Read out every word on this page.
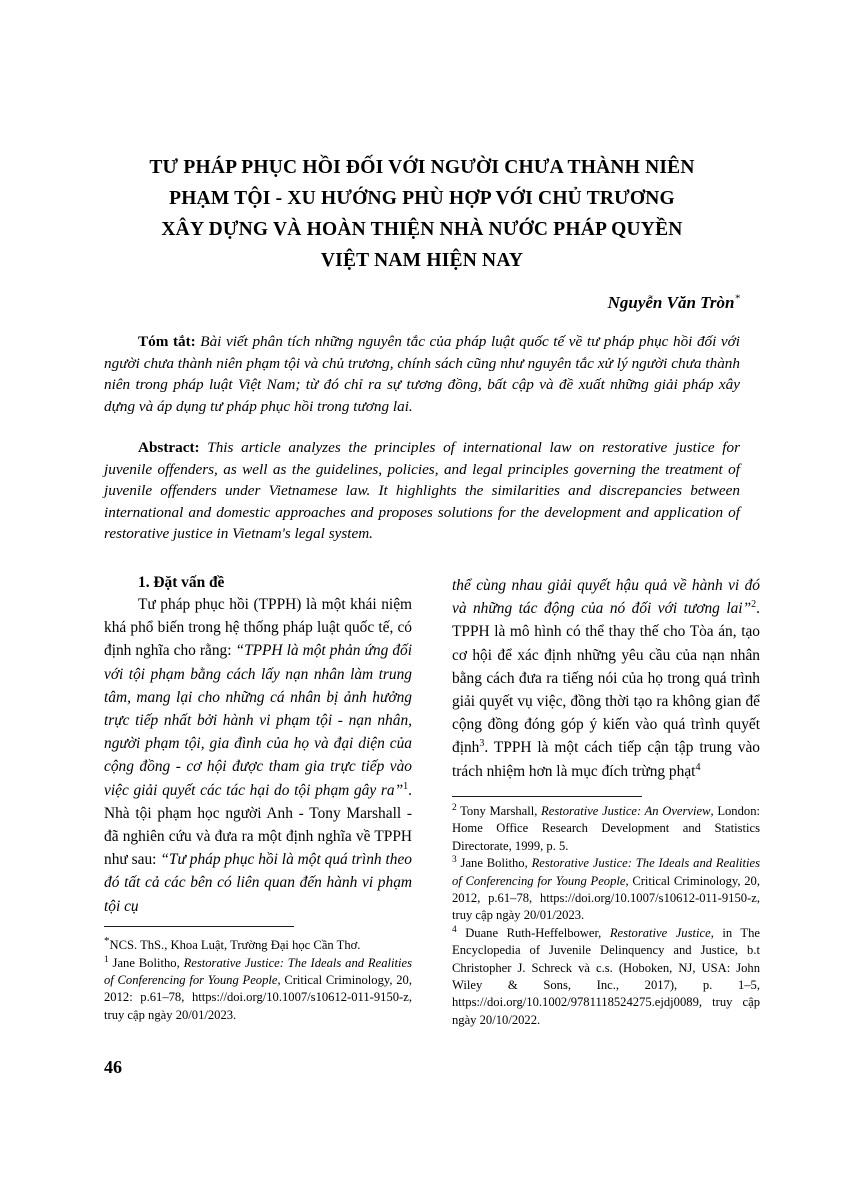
TƯ PHÁP PHỤC HỒI ĐỐI VỚI NGƯỜI CHƯA THÀNH NIÊN
PHẠM TỘI - XU HƯỚNG PHÙ HỢP VỚI CHỦ TRƯƠNG
XÂY DỰNG VÀ HOÀN THIỆN NHÀ NƯỚC PHÁP QUYỀN
VIỆT NAM HIỆN NAY
Nguyễn Văn Tròn*
Tóm tắt: Bài viết phân tích những nguyên tắc của pháp luật quốc tế về tư pháp phục hồi đối với người chưa thành niên phạm tội và chủ trương, chính sách cũng như nguyên tắc xử lý người chưa thành niên trong pháp luật Việt Nam; từ đó chỉ ra sự tương đồng, bất cập và đề xuất những giải pháp xây dựng và áp dụng tư pháp phục hồi trong tương lai.
Abstract: This article analyzes the principles of international law on restorative justice for juvenile offenders, as well as the guidelines, policies, and legal principles governing the treatment of juvenile offenders under Vietnamese law. It highlights the similarities and discrepancies between international and domestic approaches and proposes solutions for the development and application of restorative justice in Vietnam's legal system.
1. Đặt vấn đề

Tư pháp phục hồi (TPPH) là một khái niệm khá phổ biến trong hệ thống pháp luật quốc tế, có định nghĩa cho rằng: “TPPH là một phản ứng đối với tội phạm bằng cách lấy nạn nhân làm trung tâm, mang lại cho những cá nhân bị ảnh hưởng trực tiếp nhất bởi hành vi phạm tội - nạn nhân, người phạm tội, gia đình của họ và đại diện của cộng đồng - cơ hội được tham gia trực tiếp vào việc giải quyết các tác hại do tội phạm gây ra”$^1$. Nhà tội phạm học người Anh - Tony Marshall - đã nghiên cứu và đưa ra một định nghĩa về TPPH như sau: “Tư pháp phục hồi là một quá trình theo đó tất cả các bên có liên quan đến hành vi phạm tội cụ

thể cùng nhau giải quyết hậu quả về hành vi đó và những tác động của nó đối với tương lai”$^2$. TPPH là mô hình có thể thay thế cho Tòa án, tạo cơ hội để xác định những yêu cầu của nạn nhân bằng cách đưa ra tiếng nói của họ trong quá trình giải quyết vụ việc, đồng thời tạo ra không gian để cộng đồng đóng góp ý kiến vào quá trình quyết định$^3$. TPPH là một cách tiếp cận tập trung vào trách nhiệm hơn là mục đích trừng phạt$^4$

*NCS. ThS., Khoa Luật, Trường Đại học Cần Thơ.

$^1$ Jane Bolitho, Restorative Justice: The Ideals and Realities of Conferencing for Young People, Critical Criminology, 20, 2012: p.61–78, https://doi.org/10.1007/s10612-011-9150-z, truy cập ngày 20/01/2023.

$^2$ Tony Marshall, Restorative Justice: An Overview, London: Home Office Research Development and Statistics Directorate, 1999, p. 5.

$^3$ Jane Bolitho, Restorative Justice: The Ideals and Realities of Conferencing for Young People, Critical Criminology, 20, 2012, p.61–78, https://doi.org/10.1007/s10612-011-9150-z, truy cập ngày 20/01/2023.

$^4$ Duane Ruth-Heffelbower, Restorative Justice, in The Encyclopedia of Juvenile Delinquency and Justice, b.t Christopher J. Schreck và c.s. (Hoboken, NJ, USA: John Wiley & Sons, Inc., 2017), p. 1–5, https://doi.org/10.1002/9781118524275.ejdj0089, truy cập ngày 20/10/2022.

46
